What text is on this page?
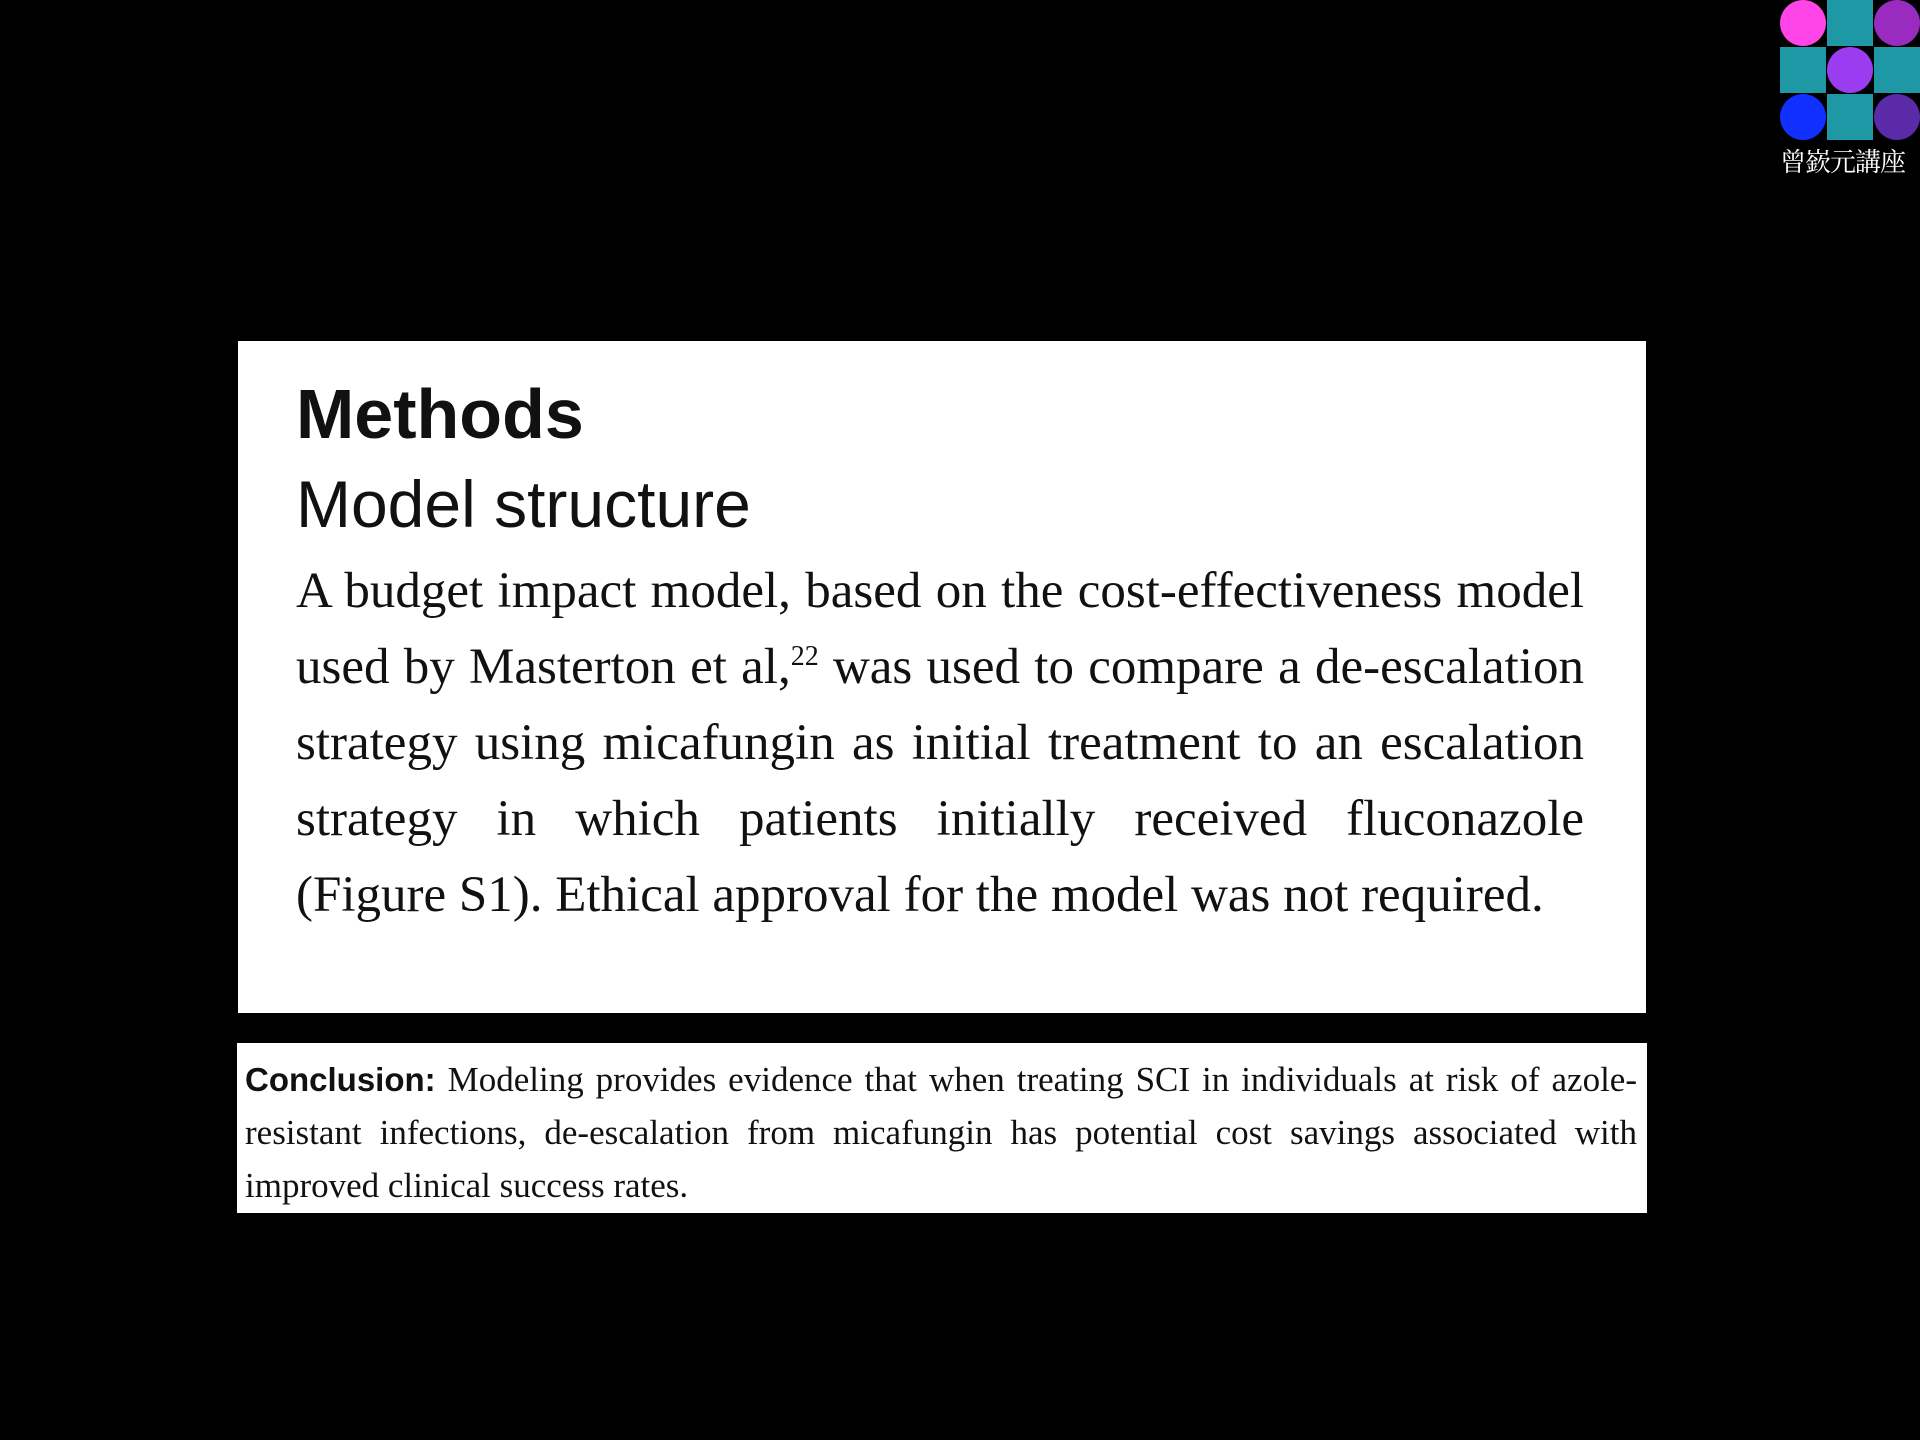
曾嶔元講座
Methods
Model structure

A budget impact model, based on the cost-effectiveness model used by Masterton et al,$^{22}$ was used to compare a de-escalation strategy using micafungin as initial treatment to an escalation strategy in which patients initially received fluconazole (Figure S1). Ethical approval for the model was not required.

Conclusion: Modeling provides evidence that when treating SCI in individuals at risk of azole-resistant infections, de-escalation from micafungin has potential cost savings associated with improved clinical success rates.
